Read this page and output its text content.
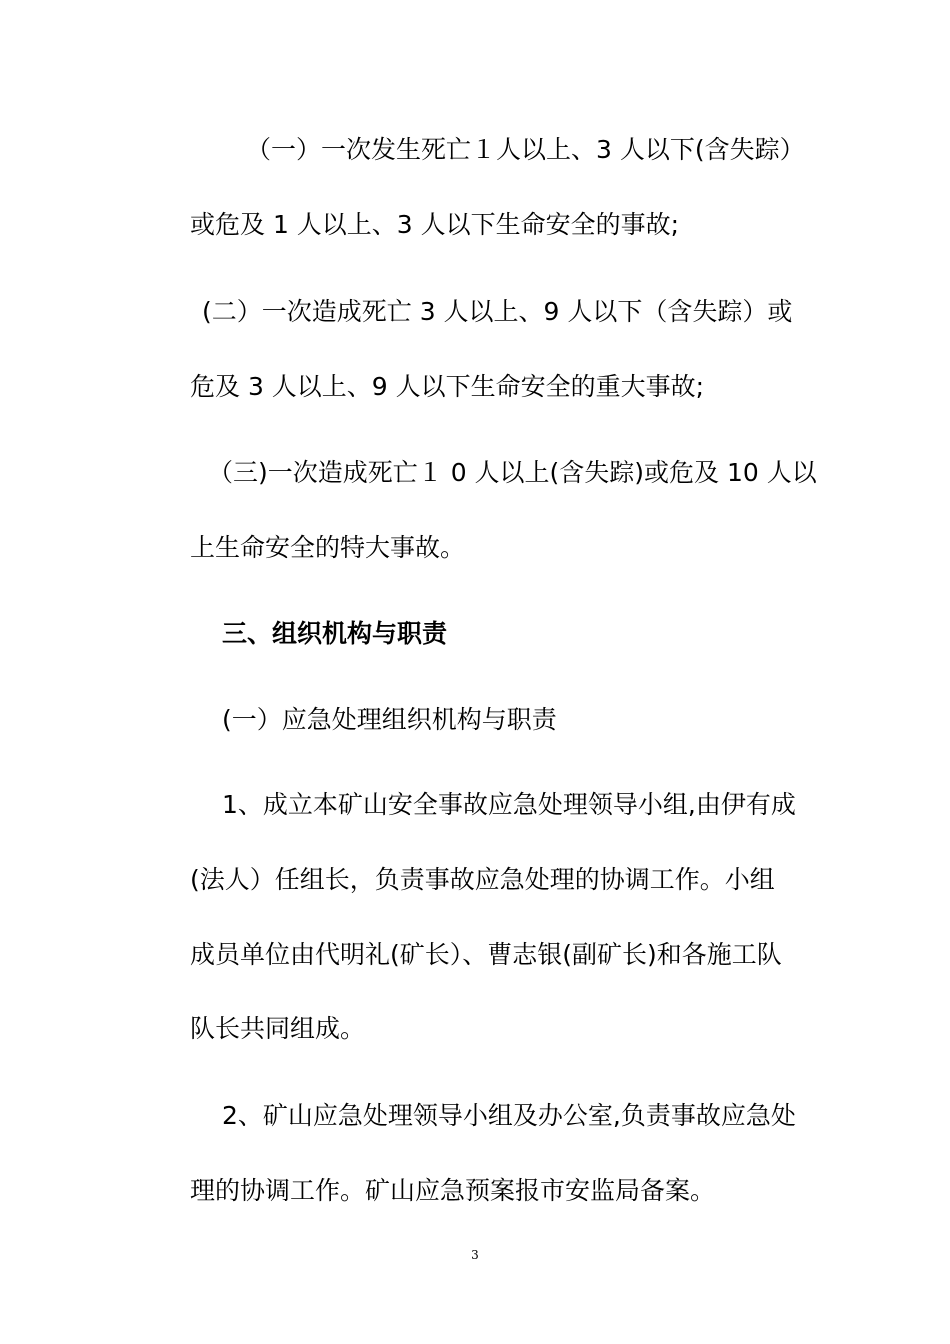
（一）一次发生死亡１人以上、3 人以下(含失踪）
或危及 1 人以上、3 人以下生命安全的事故;
(二）一次造成死亡 3 人以上、9 人以下（含失踪）或
危及 3 人以上、9 人以下生命安全的重大事故;
（三)一次造成死亡１ 0 人以上(含失踪)或危及 10 人以
上生命安全的特大事故。
三、组织机构与职责
(一）应急处理组织机构与职责
1、成立本矿山安全事故应急处理领导小组,由伊有成
(法人）任组长，负责事故应急处理的协调工作。小组
成员单位由代明礼(矿长）、曹志银(副矿长)和各施工队
队长共同组成。
2、矿山应急处理领导小组及办公室,负责事故应急处
理的协调工作。矿山应急预案报市安监局备案。
3
